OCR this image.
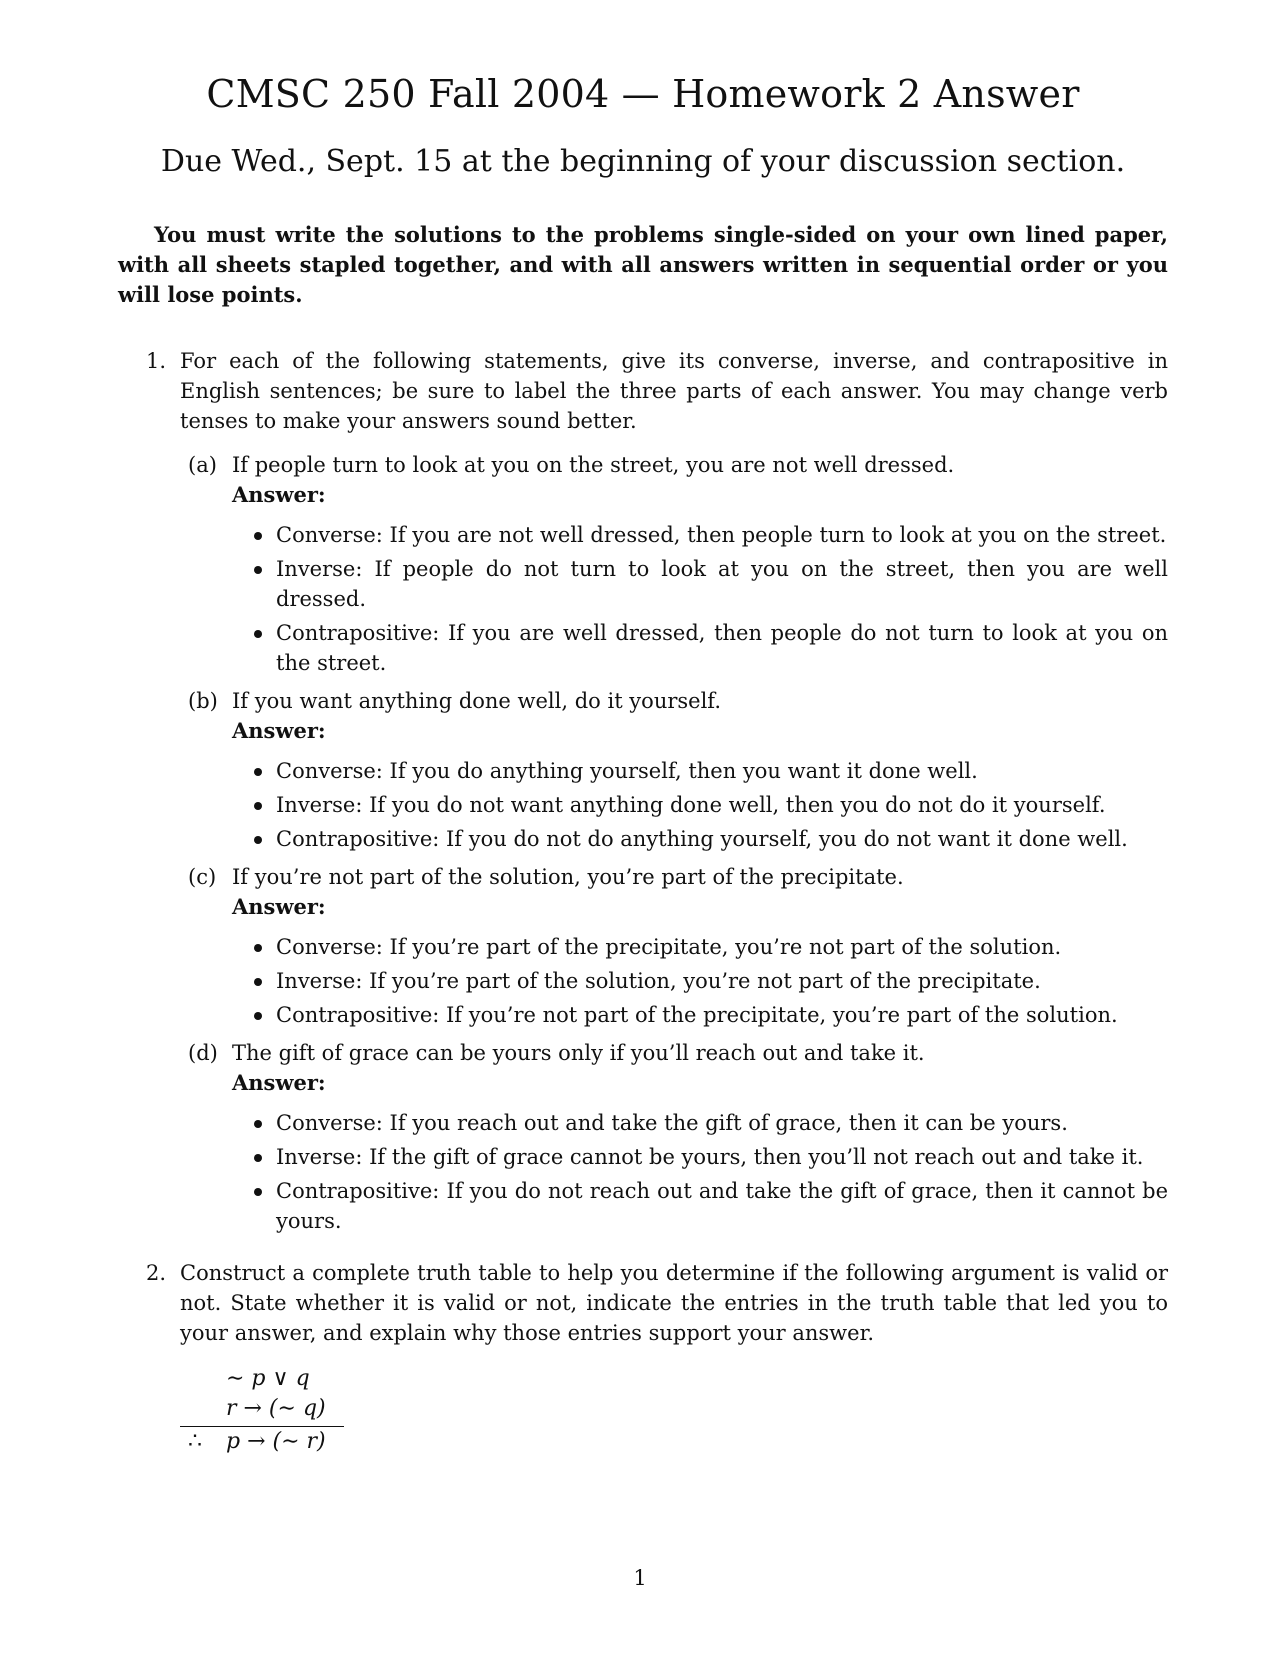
CMSC 250 Fall 2004 — Homework 2 Answer

Due Wed., Sept. 15 at the beginning of your discussion section.

You must write the solutions to the problems single-sided on your own lined paper, with all sheets stapled together, and with all answers written in sequential order or you will lose points.

1. For each of the following statements, give its converse, inverse, and contrapositive in English sentences; be sure to label the three parts of each answer. You may change verb tenses to make your answers sound better.
(a) If people turn to look at you on the street, you are not well dressed.
Answer:
Converse: If you are not well dressed, then people turn to look at you on the street.
Inverse: If people do not turn to look at you on the street, then you are well dressed.
Contrapositive: If you are well dressed, then people do not turn to look at you on the street.
(b) If you want anything done well, do it yourself.
Answer:
Converse: If you do anything yourself, then you want it done well.
Inverse: If you do not want anything done well, then you do not do it yourself.
Contrapositive: If you do not do anything yourself, you do not want it done well.
(c) If you’re not part of the solution, you’re part of the precipitate.
Answer:
Converse: If you’re part of the precipitate, you’re not part of the solution.
Inverse: If you’re part of the solution, you’re not part of the precipitate.
Contrapositive: If you’re not part of the precipitate, you’re part of the solution.
(d) The gift of grace can be yours only if you’ll reach out and take it.
Answer:
Converse: If you reach out and take the gift of grace, then it can be yours.
Inverse: If the gift of grace cannot be yours, then you’ll not reach out and take it.
Contrapositive: If you do not reach out and take the gift of grace, then it cannot be yours.
2. Construct a complete truth table to help you determine if the following argument is valid or not. State whether it is valid or not, indicate the entries in the truth table that led you to your answer, and explain why those entries support your answer.
∼ p ∨ q
r → (∼ q)
∴ p → (∼ r)
1
